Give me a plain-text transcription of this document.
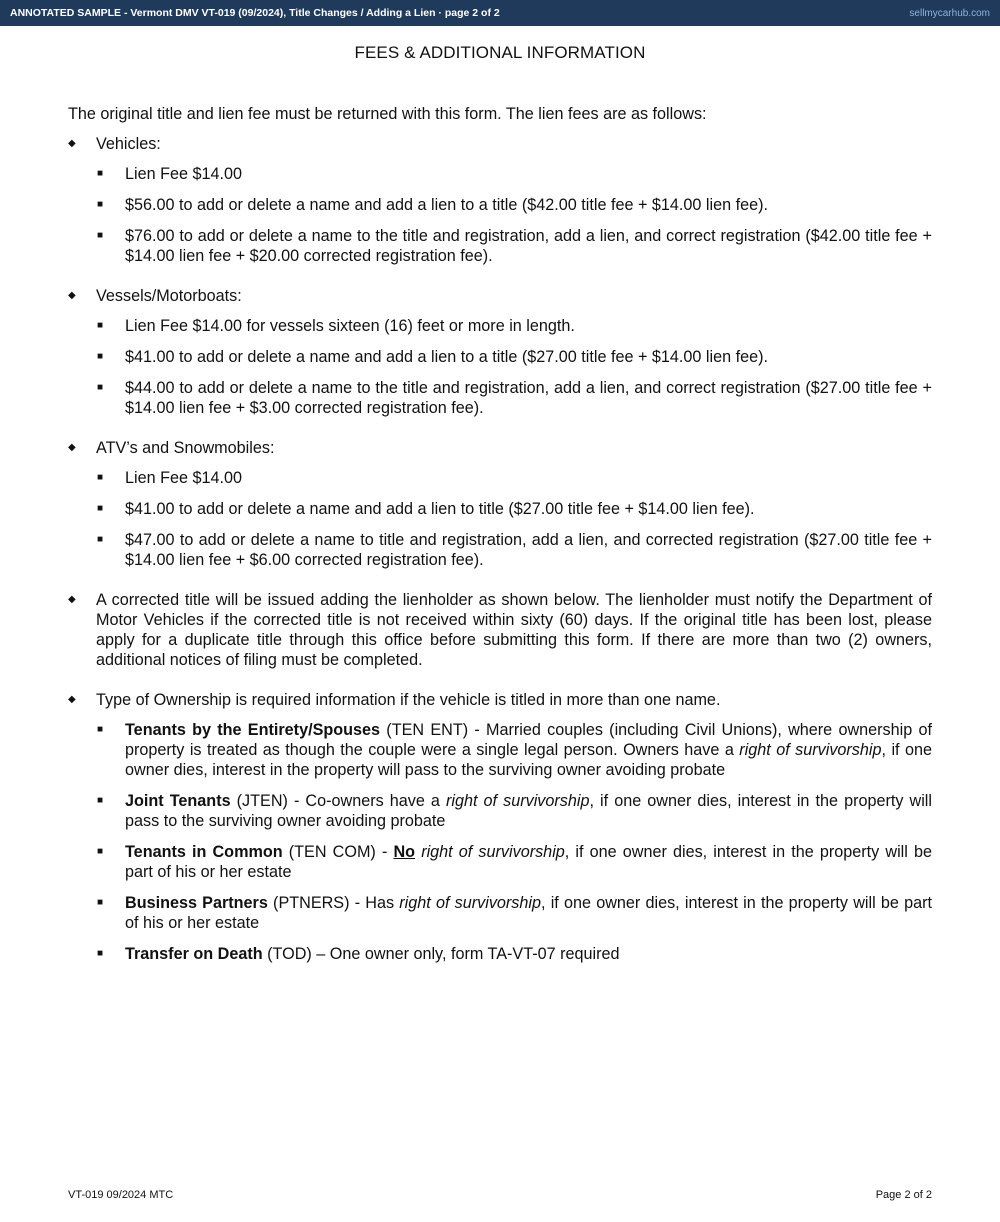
ANNOTATED SAMPLE - Vermont DMV VT-019 (09/2024), Title Changes / Adding a Lien · page 2 of 2	sellmycarhub.com
FEES & ADDITIONAL INFORMATION

The original title and lien fee must be returned with this form. The lien fees are as follows:

◆	Vehicles:
■ Lien Fee $14.00
■ $56.00 to add or delete a name and add a lien to a title ($42.00 title fee + $14.00 lien fee).
■ $76.00 to add or delete a name to the title and registration, add a lien, and correct registration ($42.00 title fee + $14.00 lien fee + $20.00 corrected registration fee).
◆	Vessels/Motorboats:
■ Lien Fee $14.00 for vessels sixteen (16) feet or more in length.
■ $41.00 to add or delete a name and add a lien to a title ($27.00 title fee + $14.00 lien fee).
■ $44.00 to add or delete a name to the title and registration, add a lien, and correct registration ($27.00 title fee + $14.00 lien fee + $3.00 corrected registration fee).
◆	ATV’s and Snowmobiles:
■ Lien Fee $14.00
■ $41.00 to add or delete a name and add a lien to title ($27.00 title fee + $14.00 lien fee).
■ $47.00 to add or delete a name to title and registration, add a lien, and corrected registration ($27.00 title fee + $14.00 lien fee + $6.00 corrected registration fee).
◆	A corrected title will be issued adding the lienholder as shown below. The lienholder must notify the Department of Motor Vehicles if the corrected title is not received within sixty (60) days. If the original title has been lost, please apply for a duplicate title through this office before submitting this form. If there are more than two (2) owners, additional notices of filing must be completed.
◆	Type of Ownership is required information if the vehicle is titled in more than one name.
■ Tenants by the Entirety/Spouses (TEN ENT) - Married couples (including Civil Unions), where ownership of property is treated as though the couple were a single legal person. Owners have a right of survivorship, if one owner dies, interest in the property will pass to the surviving owner avoiding probate
■ Joint Tenants (JTEN) - Co-owners have a right of survivorship, if one owner dies, interest in the property will pass to the surviving owner avoiding probate
■ Tenants in Common (TEN COM) - No right of survivorship, if one owner dies, interest in the property will be part of his or her estate
■ Business Partners (PTNERS) - Has right of survivorship, if one owner dies, interest in the property will be part of his or her estate
■ Transfer on Death (TOD) – One owner only, form TA-VT-07 required
VT-019 09/2024 MTC	Page 2 of 2
